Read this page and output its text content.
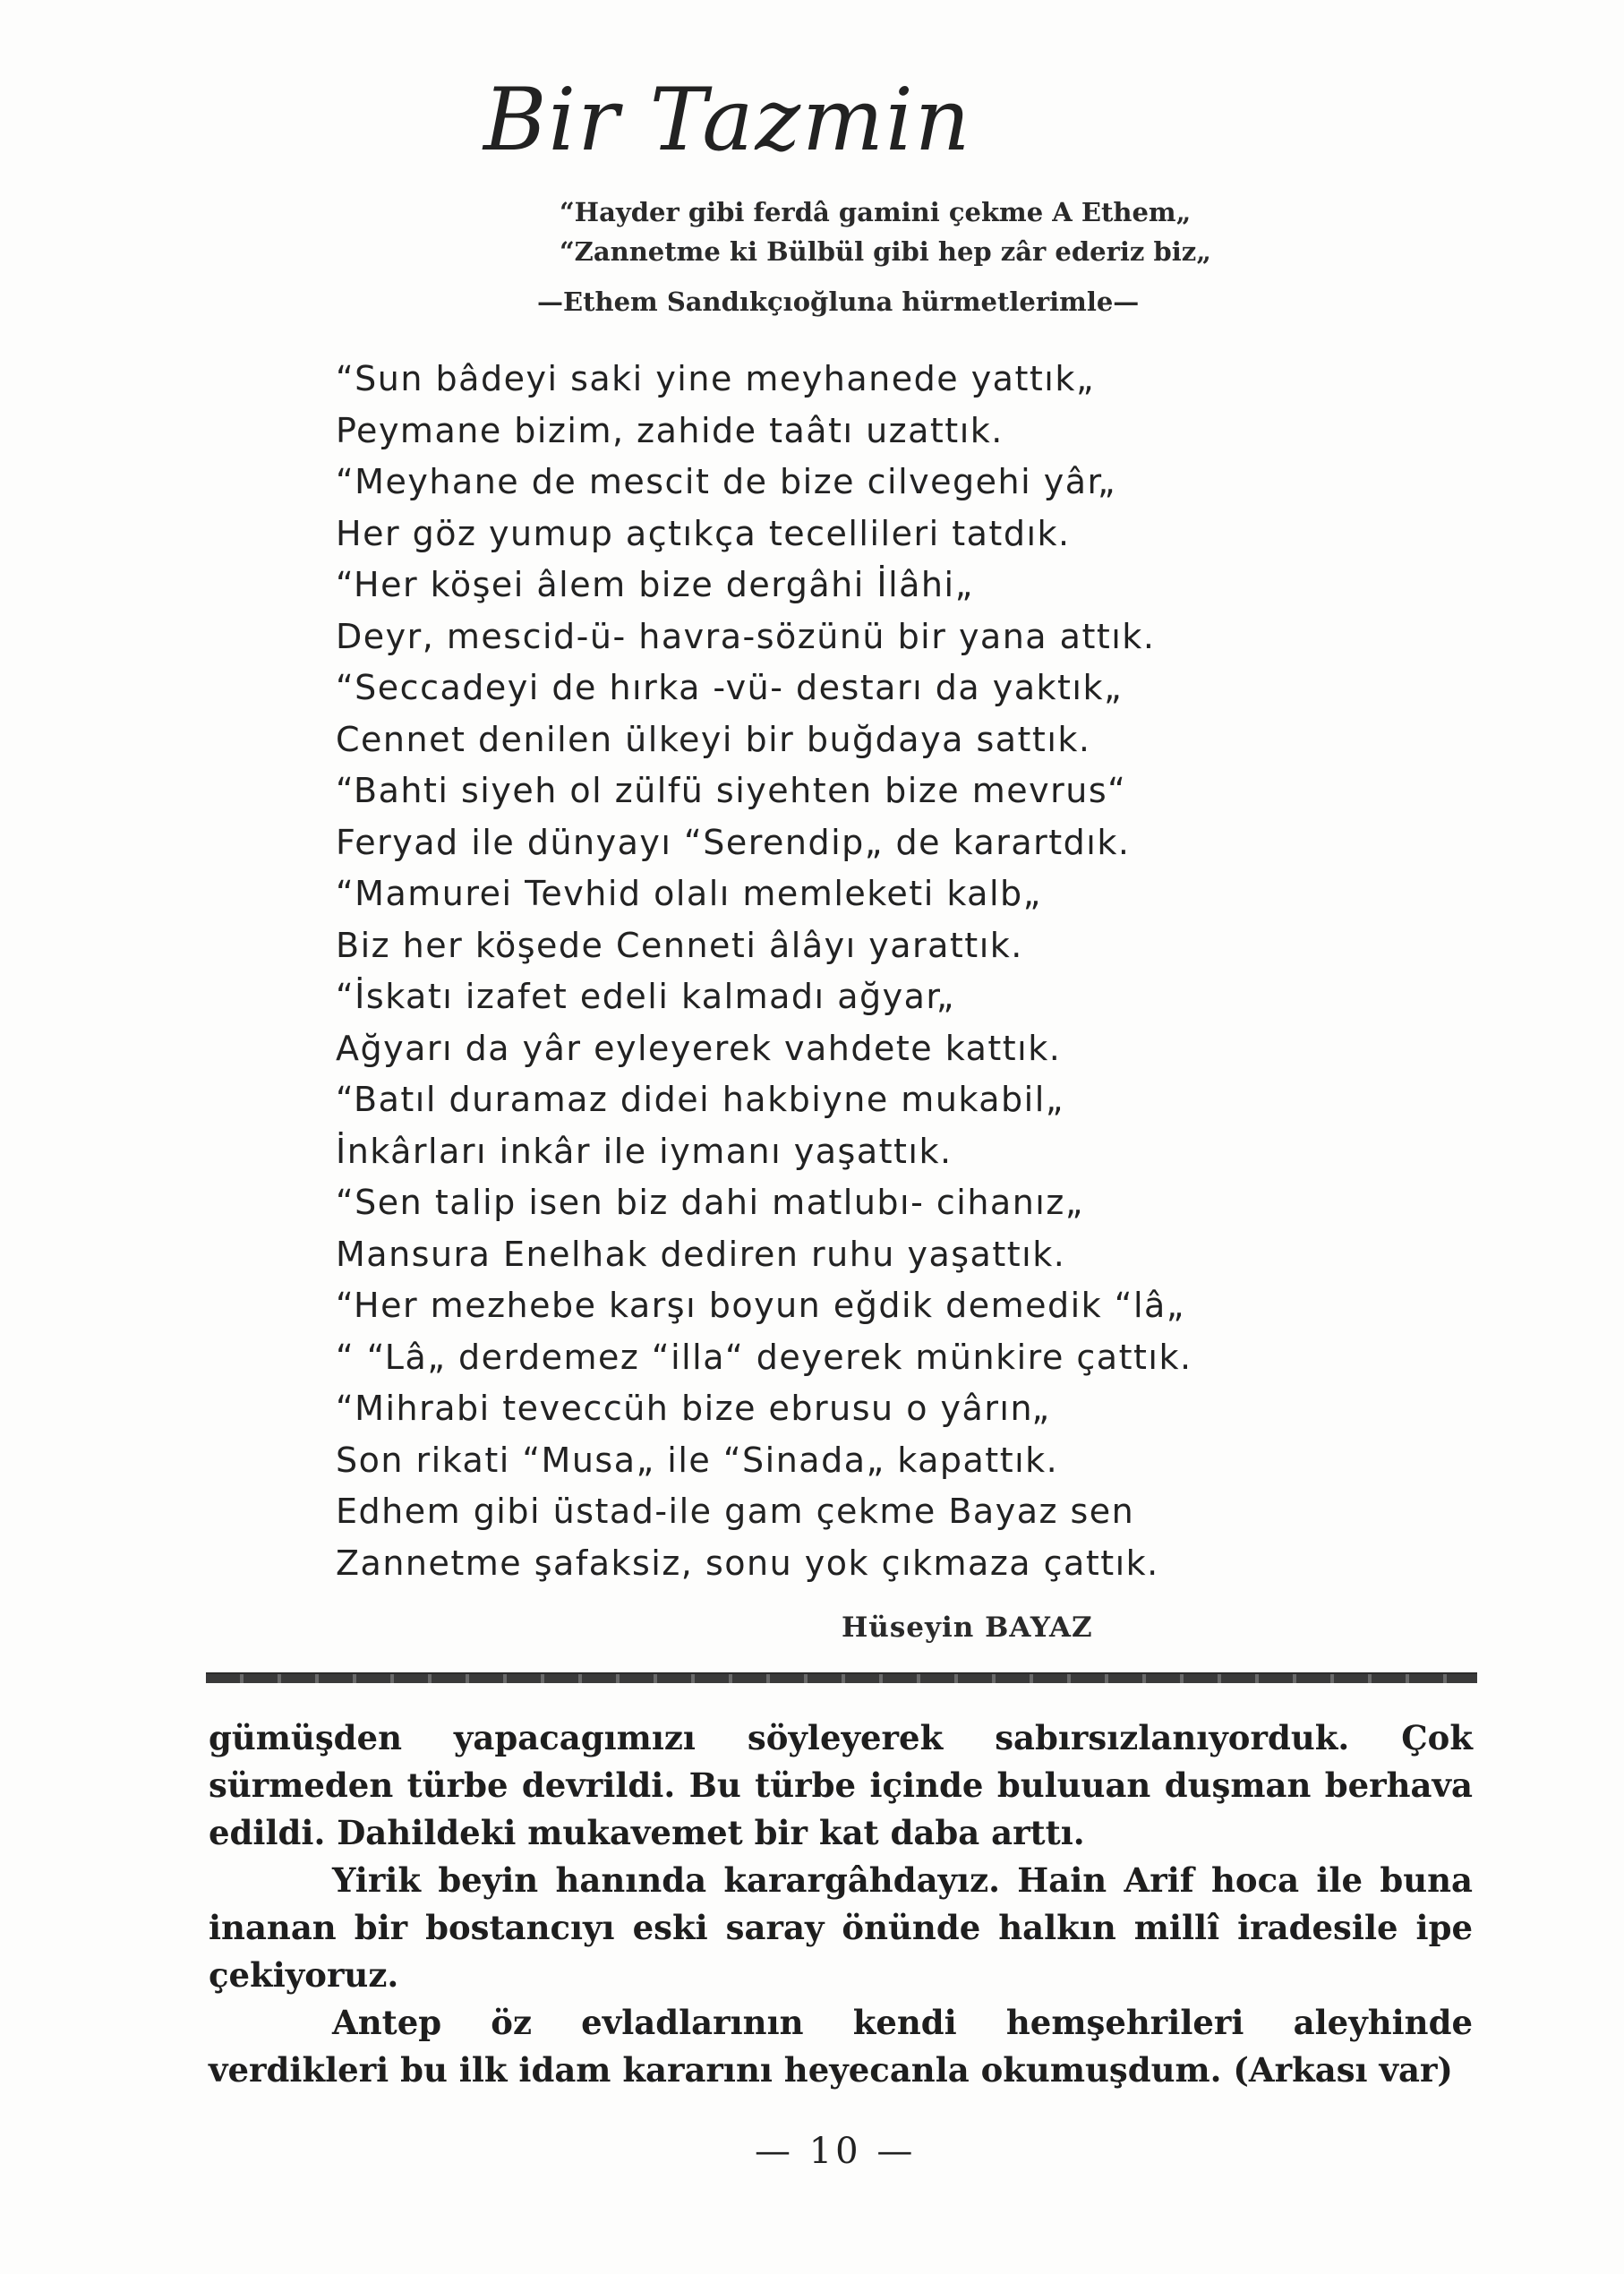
Bir Tazmin
“Hayder gibi ferdâ gamini çekme A Ethem„
“Zannetme ki Bülbül gibi hep zâr ederiz biz„
—Ethem Sandıkçıoğluna hürmetlerimle—
“Sun bâdeyi saki yine meyhanede yattık„
Peymane bizim, zahide taâtı uzattık.
“Meyhane de mescit de bize cilvegehi yâr„
Her göz yumup açtıkça tecellileri tatdık.
“Her köşei âlem bize dergâhi İlâhi„
Deyr, mescid-ü- havra-sözünü bir yana attık.
“Seccadeyi de hırka -vü- destarı da yaktık„
Cennet denilen ülkeyi bir buğdaya sattık.
“Bahti siyeh ol zülfü siyehten bize mevrus“
Feryad ile dünyayı “Serendip„ de karartdık.
“Mamurei Tevhid olalı memleketi kalb„
Biz her köşede Cenneti âlâyı yarattık.
“İskatı izafet edeli kalmadı ağyar„
Ağyarı da yâr eyleyerek vahdete kattık.
“Batıl duramaz didei hakbiyne mukabil„
İnkârları inkâr ile iymanı yaşattık.
“Sen talip isen biz dahi matlubı- cihanız„
Mansura Enelhak dediren ruhu yaşattık.
“Her mezhebe karşı boyun eğdik demedik “lâ„
“ “Lâ„ derdemez “illa“ deyerek münkire çattık.
“Mihrabi teveccüh bize ebrusu o yârın„
Son rikati “Musa„ ile “Sinada„ kapattık.
Edhem gibi üstad-ile gam çekme Bayaz sen
Zannetme şafaksiz, sonu yok çıkmaza çattık.
Hüseyin BAYAZ

gümüşden yapacagımızı söyleyerek sabırsızlanıyorduk. Çok sürmeden türbe devrildi. Bu türbe içinde buluuan duşman berhava edildi. Dahildeki mukavemet bir kat daba arttı.

Yirik beyin hanında karargâhdayız. Hain Arif hoca ile buna inanan bir bostancıyı eski saray önünde halkın millî iradesile ipe çekiyoruz.

Antep öz evladlarının kendi hemşehrileri aleyhinde verdikleri bu ilk idam kararını heyecanla okumuşdum. (Arkası var)

— 10 —
